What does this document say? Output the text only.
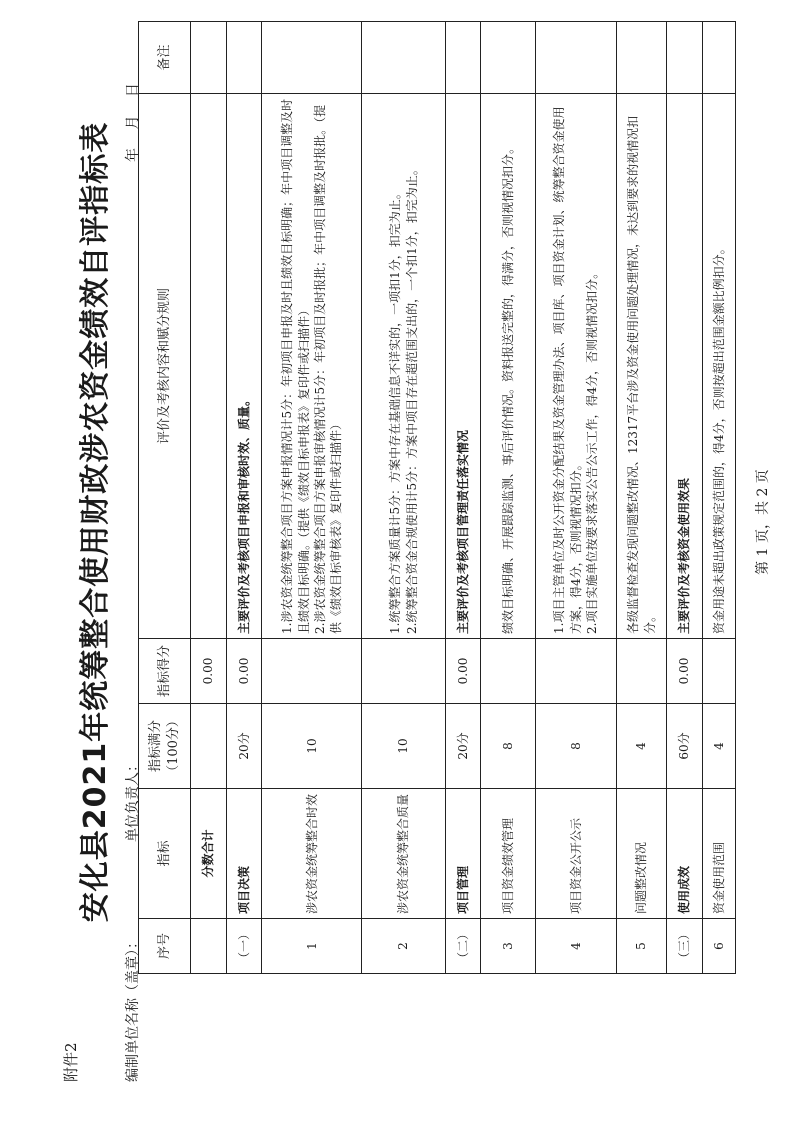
附件2
安化县2021年统筹整合使用财政涉农资金绩效自评指标表
编制单位名称（盖章）：
单位负责人：
年 月 日
序号	指标	指标满分（100分）	指标得分	评价及考核内容和赋分规则	备注
	分数合计		0.00		
（一）	项目决策	20分	0.00	主要评价及考核项目申报和审核时效、质量。	
1	涉农资金统筹整合时效	10		1.涉农资金统筹整合项目方案申报情况计5分：年初项目申报及时且绩效目标明确；年中项目调整及时且绩效目标明确。（提供《绩效目标申报表》复印件或扫描件） 2.涉农资金统筹整合项目方案申报审核情况计5分：年初项目及时报批；年中项目调整及时报批。（提供《绩效目标审核表》复印件或扫描件）	

2	涉农资金统筹整合质量	10		1.统筹整合方案质量计5分：方案中存在基础信息不详实的，一项扣1分，扣完为止。 2.统筹整合资金合规使用计5分：方案中项目存在超范围支出的，一个扣1分，扣完为止。	

（二）	项目管理	20分	0.00	主要评价及考核项目管理责任落实情况	
3	项目资金绩效管理	8		绩效目标明确、开展跟踪监测、事后评价情况。资料报送完整的，得满分，否则视情况扣分。	
4	项目资金公开公示	8		1.项目主管单位及时公开资金分配结果及资金管理办法、项目库、项目资金计划、统筹整合资金使用方案，得4分，否则视情况扣分。 2.项目实施单位按要求落实公告公示工作，得4分，否则视情况扣分。	

5	问题整改情况	4		各级监督检查发现问题整改情况、12317平台涉及资金使用问题处理情况，未达到要求的视情况扣分。	
（三）	使用成效	60分	0.00	主要评价及考核资金使用效果	
6	资金使用范围	4		资金用途未超出政策规定范围的，得4分，否则按超出范围金额比例扣分。	第 1 页，共 2 页
